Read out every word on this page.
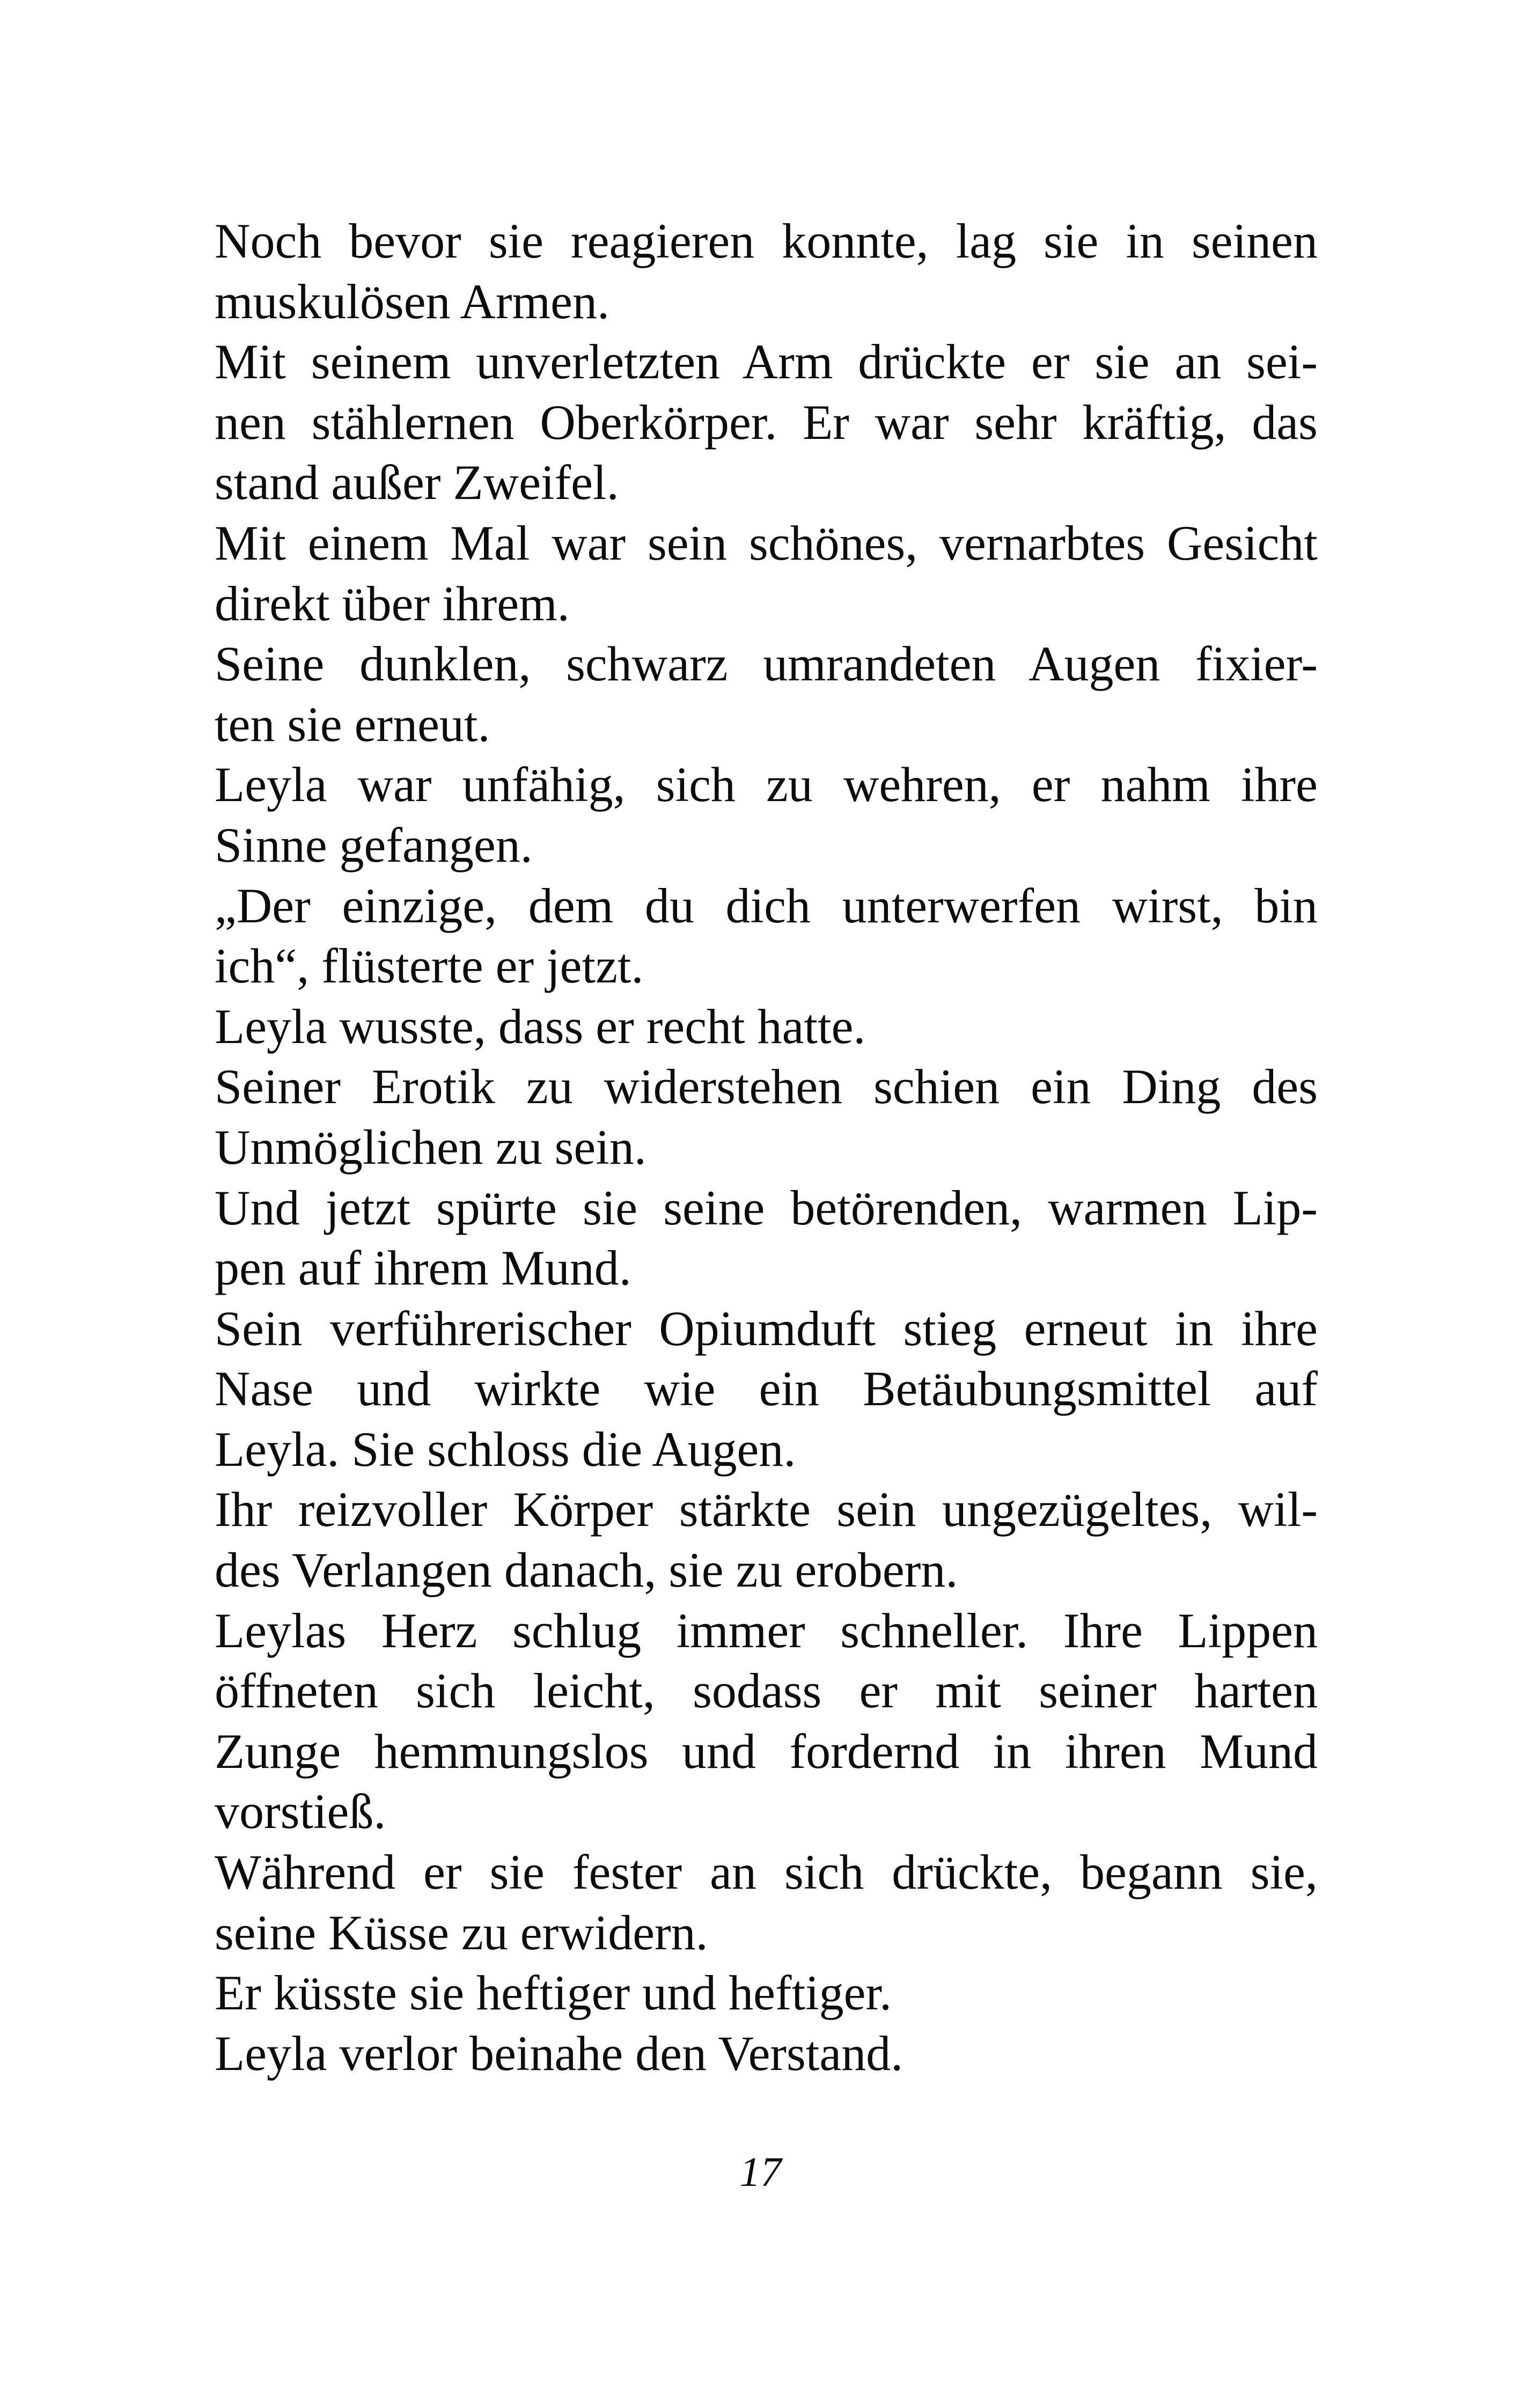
Noch bevor sie reagieren konnte, lag sie in seinen
muskulösen Armen.
Mit seinem unverletzten Arm drückte er sie an sei-
nen stählernen Oberkörper. Er war sehr kräftig, das
stand außer Zweifel.
Mit einem Mal war sein schönes, vernarbtes Gesicht
direkt über ihrem.
Seine dunklen, schwarz umrandeten Augen fixier-
ten sie erneut.
Leyla war unfähig, sich zu wehren, er nahm ihre
Sinne gefangen.
„Der einzige, dem du dich unterwerfen wirst, bin
ich“, flüsterte er jetzt.
Leyla wusste, dass er recht hatte.
Seiner Erotik zu widerstehen schien ein Ding des
Unmöglichen zu sein.
Und jetzt spürte sie seine betörenden, warmen Lip-
pen auf ihrem Mund.
Sein verführerischer Opiumduft stieg erneut in ihre
Nase und wirkte wie ein Betäubungsmittel auf
Leyla. Sie schloss die Augen.
Ihr reizvoller Körper stärkte sein ungezügeltes, wil-
des Verlangen danach, sie zu erobern.
Leylas Herz schlug immer schneller. Ihre Lippen
öffneten sich leicht, sodass er mit seiner harten
Zunge hemmungslos und fordernd in ihren Mund
vorstieß.
Während er sie fester an sich drückte, begann sie,
seine Küsse zu erwidern.
Er küsste sie heftiger und heftiger.
Leyla verlor beinahe den Verstand.
17
